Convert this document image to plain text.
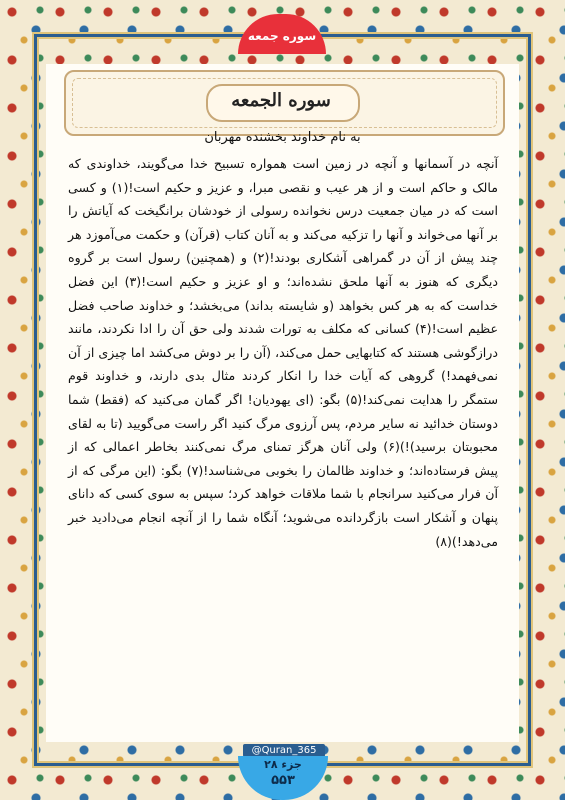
سوره جمعه
سوره الجمعه
به نام خداوند بخشنده مهربان
آنچه در آسمانها و آنچه در زمین است همواره تسبیح خدا می‌گویند، خداوندی که مالک و حاکم است و از هر عیب و نقصی مبرا، و عزیز و حکیم است!(۱) و کسی است که در میان جمعیت درس نخوانده رسولی از خودشان برانگیخت که آیاتش را بر آنها می‌خواند و آنها را تزکیه می‌کند و به آنان کتاب (قرآن) و حکمت می‌آموزد هر چند پیش از آن در گمراهی آشکاری بودند!(۲) و (همچنین) رسول است بر گروه دیگری که هنوز به آنها ملحق نشده‌اند؛ و او عزیز و حکیم است!(۳) این فضل خداست که به هر کس بخواهد (و شایسته بداند) می‌بخشد؛ و خداوند صاحب فضل عظیم است!(۴) کسانی که مکلف به تورات شدند ولی حق آن را ادا نکردند، مانند درازگوشی هستند که کتابهایی حمل می‌کند، (آن را بر دوش می‌کشد اما چیزی از آن نمی‌فهمد!) گروهی که آیات خدا را انکار کردند مثال بدی دارند، و خداوند قوم ستمگر را هدایت نمی‌کند!(۵) بگو: (ای یهودیان! اگر گمان می‌کنید که (فقط) شما دوستان خدائید نه سایر مردم، پس آرزوی مرگ کنید اگر راست می‌گویید (تا به لقای محبوبتان برسید)!)(۶) ولی آنان هرگز تمنای مرگ نمی‌کنند بخاطر اعمالی که از پیش فرستاده‌اند؛ و خداوند ظالمان را بخوبی می‌شناسد!(۷) بگو: (این مرگی که از آن فرار می‌کنید سرانجام با شما ملاقات خواهد کرد؛ سپس به سوی کسی که دانای پنهان و آشکار است بازگردانده می‌شوید؛ آنگاه شما را از آنچه انجام می‌دادید خبر می‌دهد!)(۸)
@Quran_365
جزء ۲۸
۵۵۳
